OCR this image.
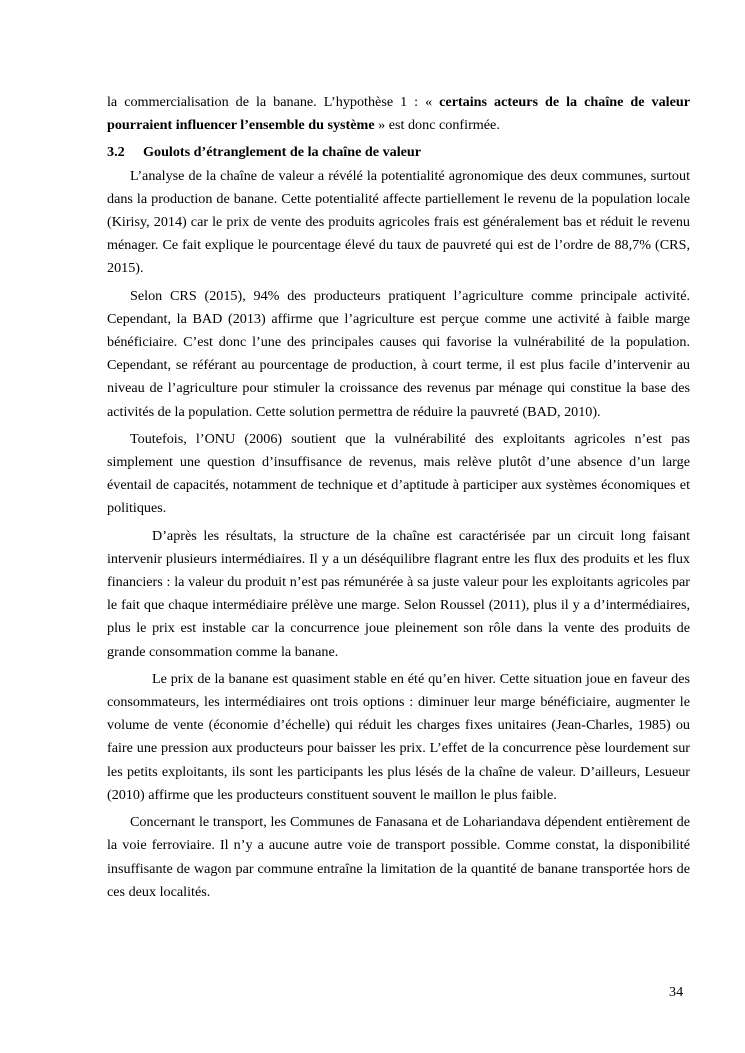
la commercialisation de la banane. L’hypothèse 1 : « certains acteurs de la chaîne de valeur pourraient influencer l’ensemble du système » est donc confirmée.

3.2 Goulots d’étranglement de la chaîne de valeur

L’analyse de la chaîne de valeur a révélé la potentialité agronomique des deux communes, surtout dans la production de banane. Cette potentialité affecte partiellement le revenu de la population locale (Kirisy, 2014) car le prix de vente des produits agricoles frais est généralement bas et réduit le revenu ménager. Ce fait explique le pourcentage élevé du taux de pauvreté qui est de l’ordre de 88,7% (CRS, 2015).

Selon CRS (2015), 94% des producteurs pratiquent l’agriculture comme principale activité. Cependant, la BAD (2013) affirme que l’agriculture est perçue comme une activité à faible marge bénéficiaire. C’est donc l’une des principales causes qui favorise la vulnérabilité de la population. Cependant, se référant au pourcentage de production, à court terme, il est plus facile d’intervenir au niveau de l’agriculture pour stimuler la croissance des revenus par ménage qui constitue la base des activités de la population. Cette solution permettra de réduire la pauvreté (BAD, 2010).

Toutefois, l’ONU (2006) soutient que la vulnérabilité des exploitants agricoles n’est pas simplement une question d’insuffisance de revenus, mais relève plutôt d’une absence d’un large éventail de capacités, notamment de technique et d’aptitude à participer aux systèmes économiques et politiques.

D’après les résultats, la structure de la chaîne est caractérisée par un circuit long faisant intervenir plusieurs intermédiaires. Il y a un déséquilibre flagrant entre les flux des produits et les flux financiers : la valeur du produit n’est pas rémunérée à sa juste valeur pour les exploitants agricoles par le fait que chaque intermédiaire prélève une marge. Selon Roussel (2011), plus il y a d’intermédiaires, plus le prix est instable car la concurrence joue pleinement son rôle dans la vente des produits de grande consommation comme la banane.

Le prix de la banane est quasiment stable en été qu’en hiver. Cette situation joue en faveur des consommateurs, les intermédiaires ont trois options : diminuer leur marge bénéficiaire, augmenter le volume de vente (économie d’échelle) qui réduit les charges fixes unitaires (Jean-Charles, 1985) ou faire une pression aux producteurs pour baisser les prix. L’effet de la concurrence pèse lourdement sur les petits exploitants, ils sont les participants les plus lésés de la chaîne de valeur. D’ailleurs, Lesueur (2010) affirme que les producteurs constituent souvent le maillon le plus faible.

Concernant le transport, les Communes de Fanasana et de Lohariandava dépendent entièrement de la voie ferroviaire. Il n’y a aucune autre voie de transport possible. Comme constat, la disponibilité insuffisante de wagon par commune entraîne la limitation de la quantité de banane transportée hors de ces deux localités.

34
